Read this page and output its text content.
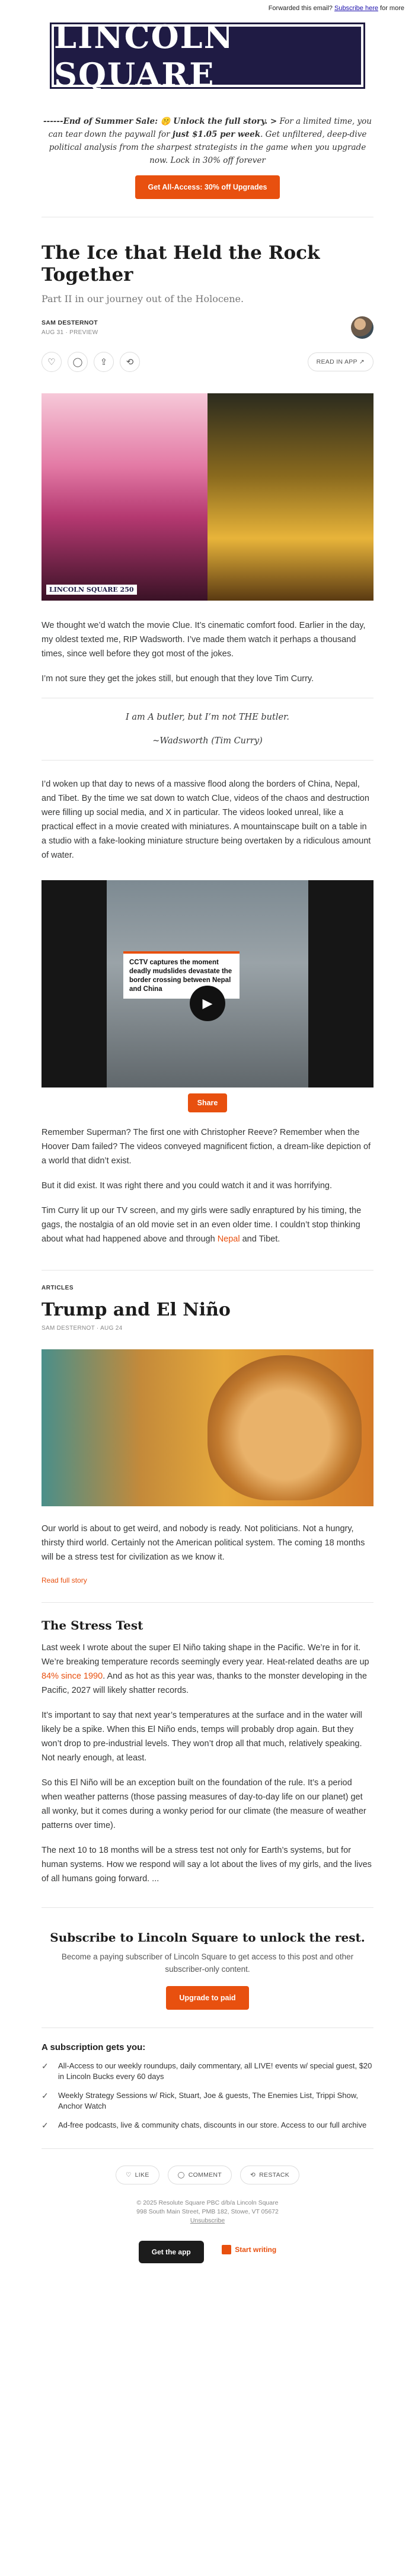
Forwarded this email? Subscribe here for more
LINCOLN SQUARE
------End of Summer Sale: 🤫 Unlock the full story. > For a limited time, you can tear down the paywall for just $1.05 per week. Get unfiltered, deep-dive political analysis from the sharpest strategists in the game when you upgrade now. Lock in 30% off forever
Get All-Access: 30% off Upgrades
The Ice that Held the Rock Together
Part II in our journey out of the Holocene.
SAM DESTERNOT
AUG 31 · PREVIEW
♡	◯	⇪	⟲	READ IN APP ↗
LINCOLN SQUARE 250

We thought we’d watch the movie Clue. It’s cinematic comfort food. Earlier in the day, my oldest texted me, RIP Wadsworth. I’ve made them watch it perhaps a thousand times, since well before they got most of the jokes.

I’m not sure they get the jokes still, but enough that they love Tim Curry.

I am A butler, but I’m not THE butler.

~Wadsworth (Tim Curry)

I’d woken up that day to news of a massive flood along the borders of China, Nepal, and Tibet. By the time we sat down to watch Clue, videos of the chaos and destruction were filling up social media, and X in particular. The videos looked unreal, like a practical effect in a movie created with miniatures. A mountainscape built on a table in a studio with a fake-looking miniature structure being overtaken by a ridiculous amount of water.

CCTV captures the moment deadly mudslides devastate the border crossing between Nepal and China
▶
Share

Remember Superman? The first one with Christopher Reeve? Remember when the Hoover Dam failed? The videos conveyed magnificent fiction, a dream-like depiction of a world that didn’t exist.

But it did exist. It was right there and you could watch it and it was horrifying.

Tim Curry lit up our TV screen, and my girls were sadly enraptured by his timing, the gags, the nostalgia of an old movie set in an even older time. I couldn’t stop thinking about what had happened above and through Nepal and Tibet.

ARTICLES
Trump and El Niño
SAM DESTERNOT · AUG 24

Our world is about to get weird, and nobody is ready. Not politicians. Not a hungry, thirsty third world. Certainly not the American political system. The coming 18 months will be a stress test for civilization as we know it.

Read full story
The Stress Test

Last week I wrote about the super El Niño taking shape in the Pacific. We’re in for it. We’re breaking temperature records seemingly every year. Heat-related deaths are up 84% since 1990. And as hot as this year was, thanks to the monster developing in the Pacific, 2027 will likely shatter records.

It’s important to say that next year’s temperatures at the surface and in the water will likely be a spike. When this El Niño ends, temps will probably drop again. But they won’t drop to pre-industrial levels. They won’t drop all that much, relatively speaking. Not nearly enough, at least.

So this El Niño will be an exception built on the foundation of the rule. It’s a period when weather patterns (those passing measures of day-to-day life on our planet) get all wonky, but it comes during a wonky period for our climate (the measure of weather patterns over time).

The next 10 to 18 months will be a stress test not only for Earth’s systems, but for human systems. How we respond will say a lot about the lives of my girls, and the lives of all humans going forward. ...

Subscribe to Lincoln Square to unlock the rest.
Become a paying subscriber of Lincoln Square to get access to this post and other subscriber-only content.
Upgrade to paid
A subscription gets you:
✓	All-Access to our weekly roundups, daily commentary, all LIVE! events w/ special guest, $20 in Lincoln Bucks every 60 days
✓	Weekly Strategy Sessions w/ Rick, Stuart, Joe & guests, The Enemies List, Trippi Show, Anchor Watch
✓	Ad-free podcasts, live & community chats, discounts in our store. Access to our full archive
♡ LIKE	◯ COMMENT	⟲ RESTACK
© 2025 Resolute Square PBC d/b/a Lincoln Square
998 South Main Street, PMB 182, Stowe, VT 05672
Unsubscribe
Get the app	Start writing
